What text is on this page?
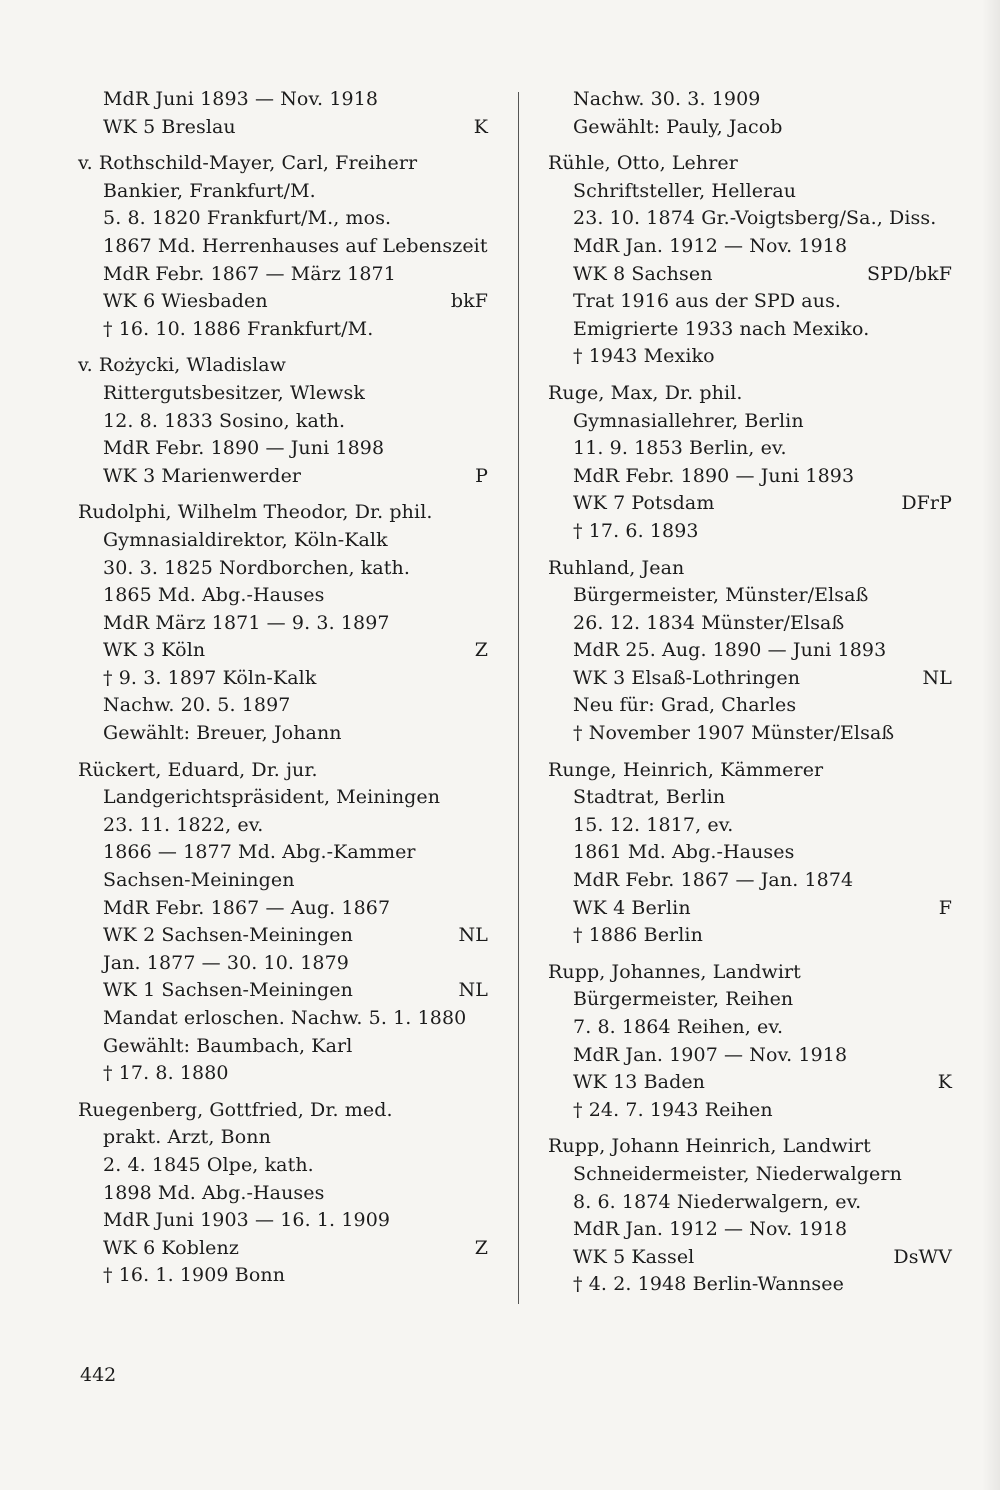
MdR Juni 1893 — Nov. 1918
WK 5 Breslau	K
v. Rothschild-Mayer, Carl, Freiherr
Bankier, Frankfurt/M.
5. 8. 1820 Frankfurt/M., mos.
1867 Md. Herrenhauses auf Lebenszeit
MdR Febr. 1867 — März 1871
WK 6 Wiesbaden	bkF
† 16. 10. 1886 Frankfurt/M.
v. Rożycki, Wladislaw
Rittergutsbesitzer, Wlewsk
12. 8. 1833 Sosino, kath.
MdR Febr. 1890 — Juni 1898
WK 3 Marienwerder	P
Rudolphi, Wilhelm Theodor, Dr. phil.
Gymnasialdirektor, Köln-Kalk
30. 3. 1825 Nordborchen, kath.
1865 Md. Abg.-Hauses
MdR März 1871 — 9. 3. 1897
WK 3 Köln	Z
† 9. 3. 1897 Köln-Kalk
Nachw. 20. 5. 1897
Gewählt: Breuer, Johann
Rückert, Eduard, Dr. jur.
Landgerichtspräsident, Meiningen
23. 11. 1822, ev.
1866 — 1877 Md. Abg.-Kammer
Sachsen-Meiningen
MdR Febr. 1867 — Aug. 1867
WK 2 Sachsen-Meiningen	NL
Jan. 1877 — 30. 10. 1879
WK 1 Sachsen-Meiningen	NL
Mandat erloschen. Nachw. 5. 1. 1880
Gewählt: Baumbach, Karl
† 17. 8. 1880
Ruegenberg, Gottfried, Dr. med.
prakt. Arzt, Bonn
2. 4. 1845 Olpe, kath.
1898 Md. Abg.-Hauses
MdR Juni 1903 — 16. 1. 1909
WK 6 Koblenz	Z
† 16. 1. 1909 Bonn
Nachw. 30. 3. 1909
Gewählt: Pauly, Jacob
Rühle, Otto, Lehrer
Schriftsteller, Hellerau
23. 10. 1874 Gr.-Voigtsberg/Sa., Diss.
MdR Jan. 1912 — Nov. 1918
WK 8 Sachsen	SPD/bkF
Trat 1916 aus der SPD aus.
Emigrierte 1933 nach Mexiko.
† 1943 Mexiko
Ruge, Max, Dr. phil.
Gymnasiallehrer, Berlin
11. 9. 1853 Berlin, ev.
MdR Febr. 1890 — Juni 1893
WK 7 Potsdam	DFrP
† 17. 6. 1893
Ruhland, Jean
Bürgermeister, Münster/Elsaß
26. 12. 1834 Münster/Elsaß
MdR 25. Aug. 1890 — Juni 1893
WK 3 Elsaß-Lothringen	NL
Neu für: Grad, Charles
† November 1907 Münster/Elsaß
Runge, Heinrich, Kämmerer
Stadtrat, Berlin
15. 12. 1817, ev.
1861 Md. Abg.-Hauses
MdR Febr. 1867 — Jan. 1874
WK 4 Berlin	F
† 1886 Berlin
Rupp, Johannes, Landwirt
Bürgermeister, Reihen
7. 8. 1864 Reihen, ev.
MdR Jan. 1907 — Nov. 1918
WK 13 Baden	K
† 24. 7. 1943 Reihen
Rupp, Johann Heinrich, Landwirt
Schneidermeister, Niederwalgern
8. 6. 1874 Niederwalgern, ev.
MdR Jan. 1912 — Nov. 1918
WK 5 Kassel	DsWV
† 4. 2. 1948 Berlin-Wannsee
442
